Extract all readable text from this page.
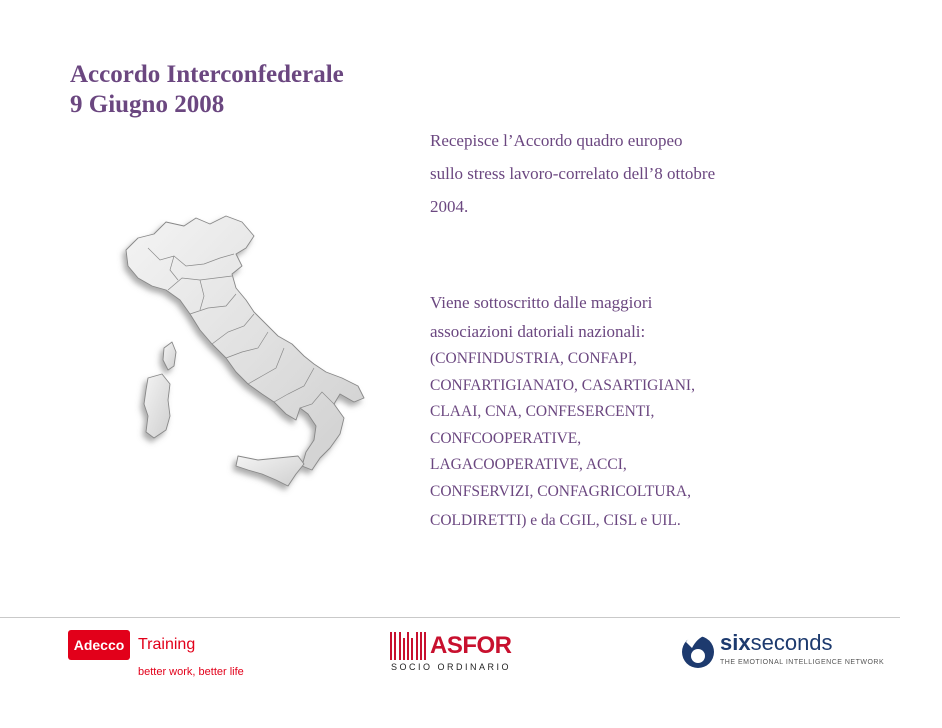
Accordo Interconfederale
9 Giugno 2008
Recepisce l’Accordo quadro europeo
sullo stress lavoro-correlato dell’8 ottobre
2004.
Viene sottoscritto dalle maggiori
associazioni datoriali nazionali:
(CONFINDUSTRIA, CONFAPI,
CONFARTIGIANATO, CASARTIGIANI,
CLAAI, CNA, CONFESERCENTI,
CONFCOOPERATIVE,
LAGACOOPERATIVE, ACCI,
CONFSERVIZI, CONFAGRICOLTURA,
COLDIRETTI) e da CGIL, CISL e UIL.
Adecco Training
better work, better life
ASFOR
SOCIO ORDINARIO
sixseconds
THE EMOTIONAL INTELLIGENCE NETWORK
